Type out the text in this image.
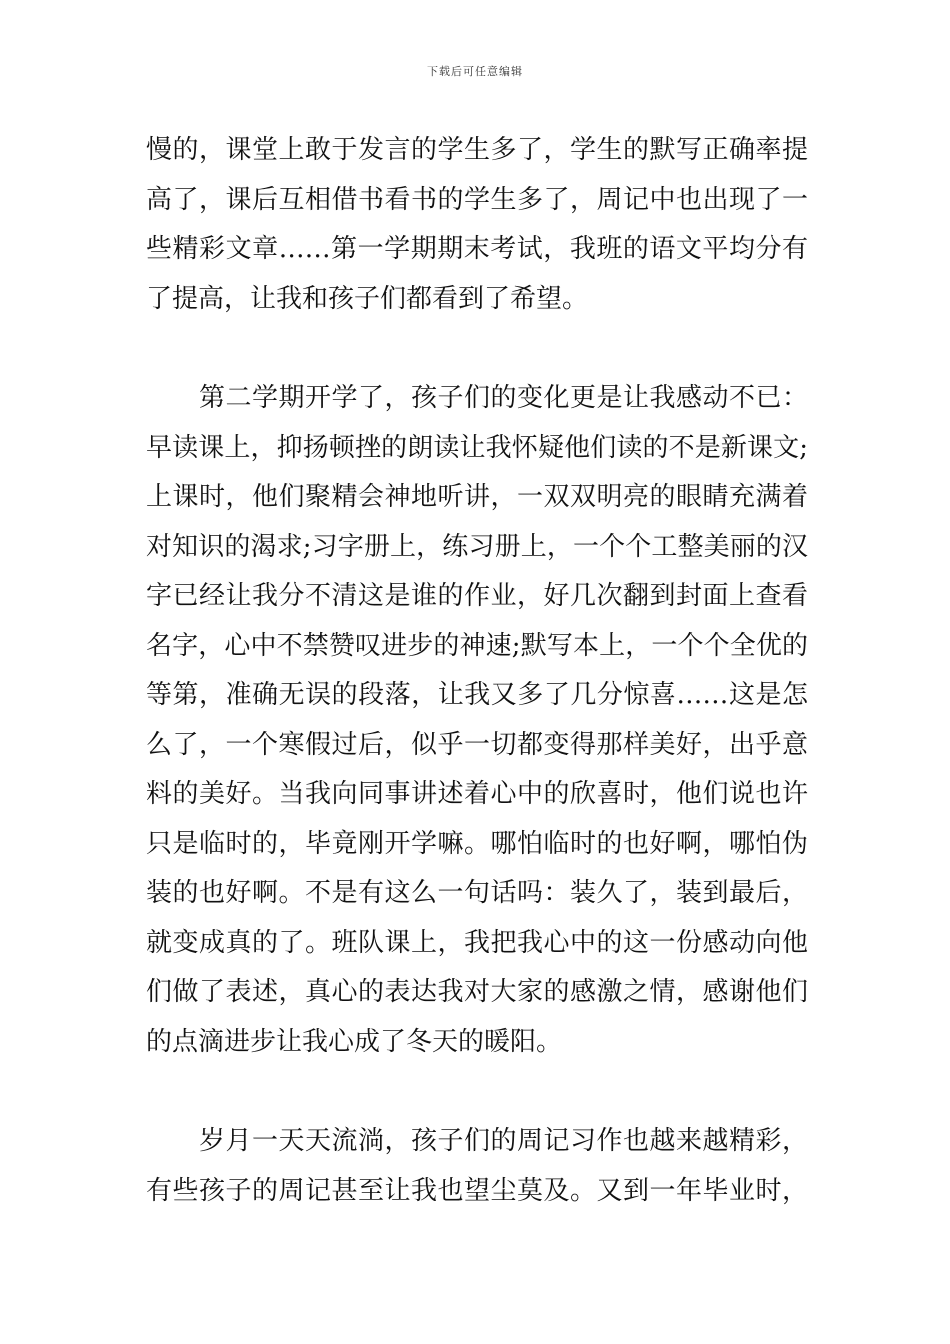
下载后可任意编辑
慢的，课堂上敢于发言的学生多了，学生的默写正确率提
高了，课后互相借书看书的学生多了，周记中也出现了一
些精彩文章……第一学期期末考试，我班的语文平均分有
了提高，让我和孩子们都看到了希望。
　　第二学期开学了，孩子们的变化更是让我感动不已：
早读课上，抑扬顿挫的朗读让我怀疑他们读的不是新课文;
上课时，他们聚精会神地听讲，一双双明亮的眼睛充满着
对知识的渴求;习字册上，练习册上，一个个工整美丽的汉
字已经让我分不清这是谁的作业，好几次翻到封面上查看
名字，心中不禁赞叹进步的神速;默写本上，一个个全优的
等第，准确无误的段落，让我又多了几分惊喜……这是怎
么了，一个寒假过后，似乎一切都变得那样美好，出乎意
料的美好。当我向同事讲述着心中的欣喜时，他们说也许
只是临时的，毕竟刚开学嘛。哪怕临时的也好啊，哪怕伪
装的也好啊。不是有这么一句话吗：装久了，装到最后，
就变成真的了。班队课上，我把我心中的这一份感动向他
们做了表述，真心的表达我对大家的感激之情，感谢他们
的点滴进步让我心成了冬天的暖阳。
　　岁月一天天流淌，孩子们的周记习作也越来越精彩，
有些孩子的周记甚至让我也望尘莫及。又到一年毕业时，
